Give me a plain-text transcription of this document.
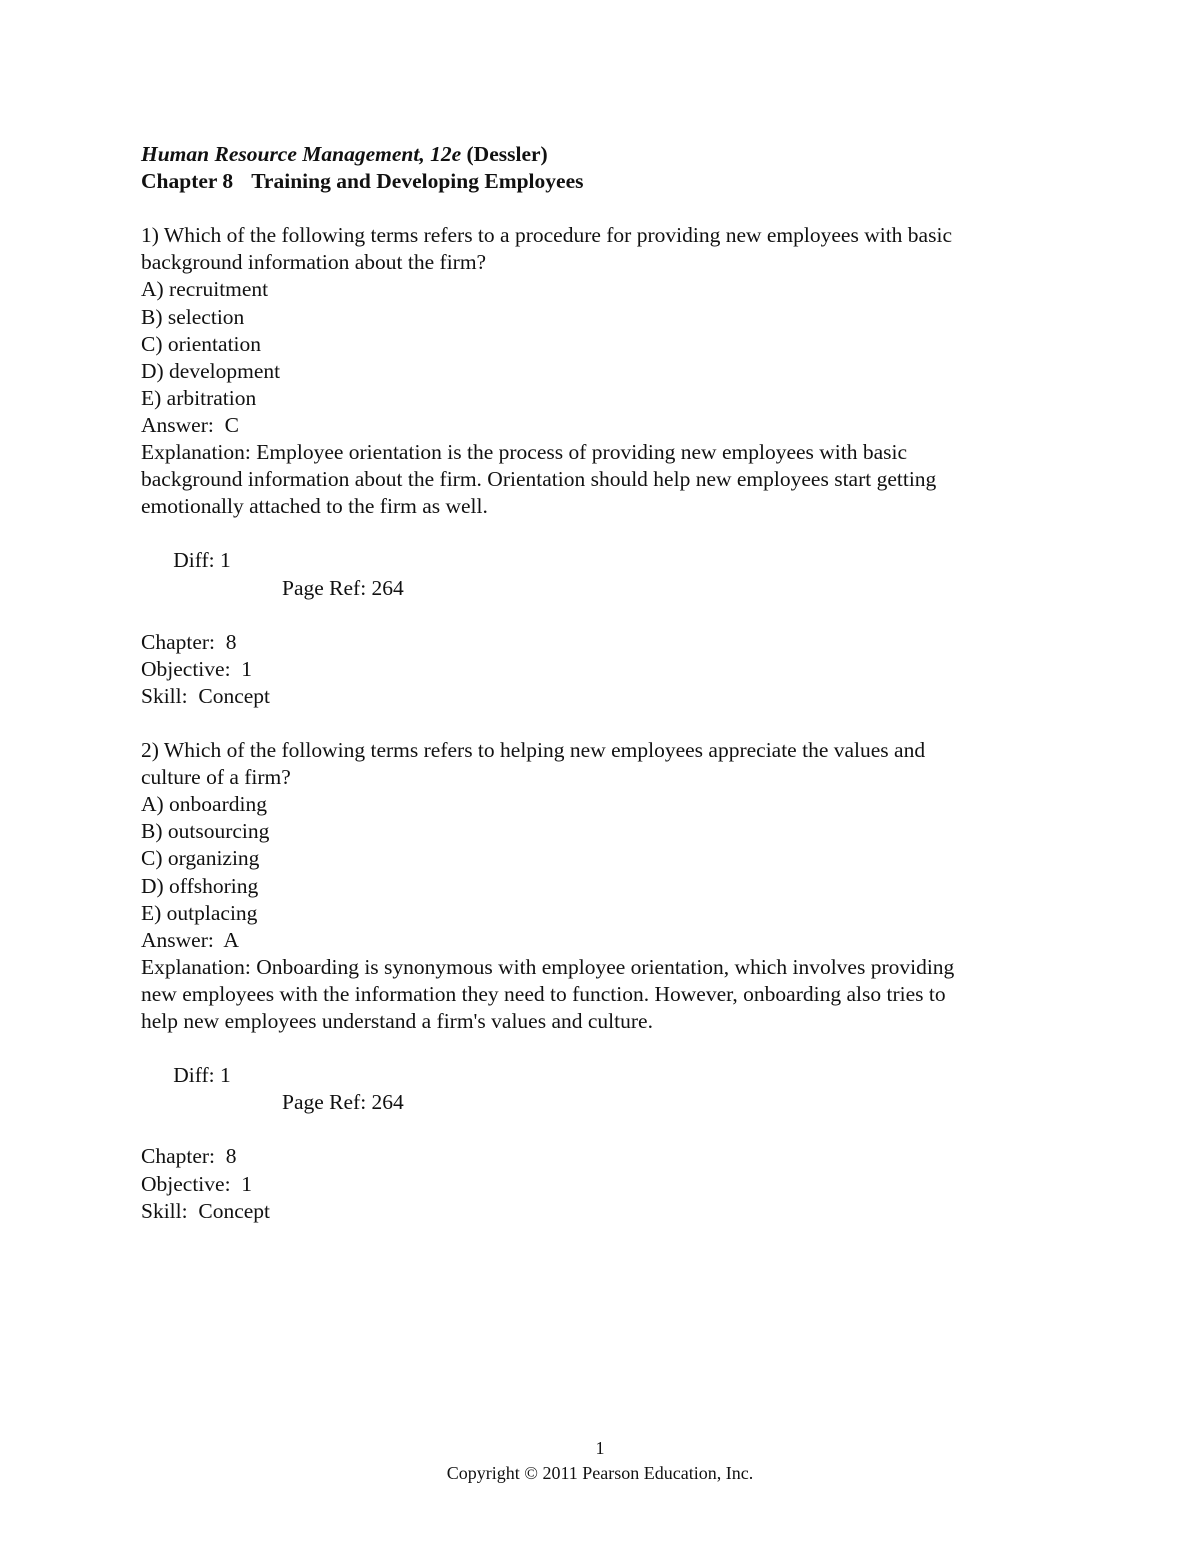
Human Resource Management, 12e (Dessler)
Chapter 8 Training and Developing Employees
1) Which of the following terms refers to a procedure for providing new employees with basic
background information about the firm?
A) recruitment
B) selection
C) orientation
D) development
E) arbitration
Answer:  C
Explanation: Employee orientation is the process of providing new employees with basic
background information about the firm. Orientation should help new employees start getting
emotionally attached to the firm as well.

Diff: 1

Page Ref: 264

Chapter:  8
Objective:  1
Skill:  Concept
2) Which of the following terms refers to helping new employees appreciate the values and
culture of a firm?
A) onboarding
B) outsourcing
C) organizing
D) offshoring
E) outplacing
Answer:  A
Explanation: Onboarding is synonymous with employee orientation, which involves providing
new employees with the information they need to function. However, onboarding also tries to
help new employees understand a firm's values and culture.

Diff: 1

Page Ref: 264

Chapter:  8
Objective:  1
Skill:  Concept
1
Copyright © 2011 Pearson Education, Inc.
